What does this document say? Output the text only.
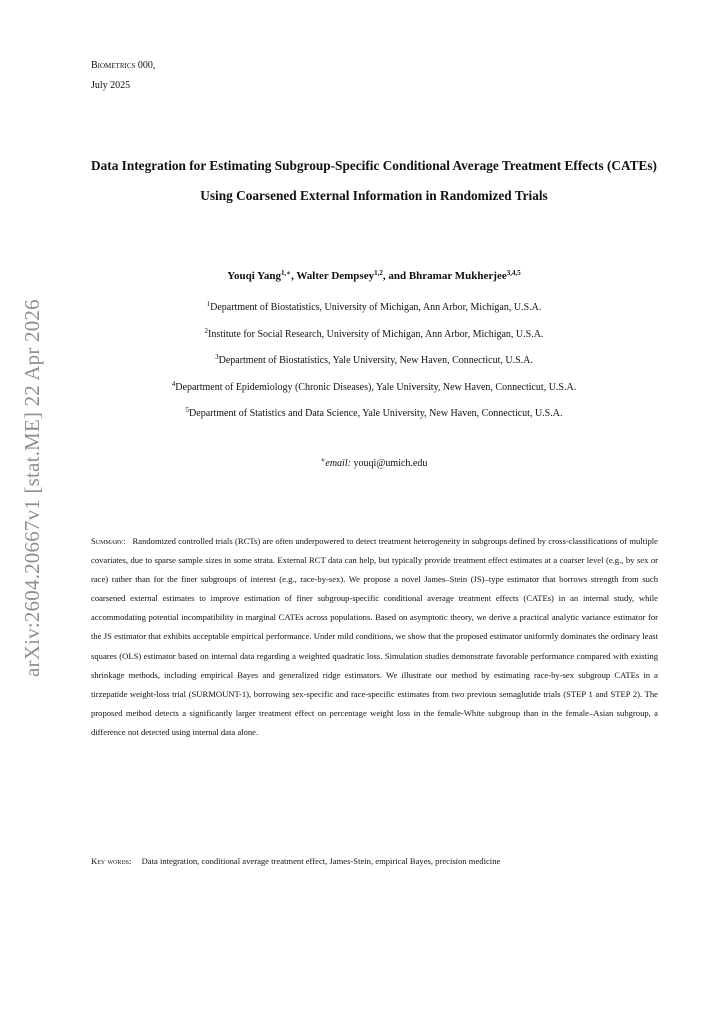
Biometrics 000,
July 2025
arXiv:2604.20667v1 [stat.ME] 22 Apr 2026
Data Integration for Estimating Subgroup-Specific Conditional Average Treatment Effects (CATEs) Using Coarsened External Information in Randomized Trials
Youqi Yang$^{1,∗}$, Walter Dempsey$^{1,2}$, and Bhramar Mukherjee$^{3,4,5}$
$^1$Department of Biostatistics, University of Michigan, Ann Arbor, Michigan, U.S.A.
$^2$Institute for Social Research, University of Michigan, Ann Arbor, Michigan, U.S.A.
$^3$Department of Biostatistics, Yale University, New Haven, Connecticut, U.S.A.
$^4$Department of Epidemiology (Chronic Diseases), Yale University, New Haven, Connecticut, U.S.A.
$^5$Department of Statistics and Data Science, Yale University, New Haven, Connecticut, U.S.A.
∗email: youqi@umich.edu

Summary: Randomized controlled trials (RCTs) are often underpowered to detect treatment heterogeneity in subgroups defined by cross-classifications of multiple covariates, due to sparse sample sizes in some strata. External RCT data can help, but typically provide treatment effect estimates at a coarser level (e.g., by sex or race) rather than for the finer subgroups of interest (e.g., race-by-sex). We propose a novel James–Stein (JS)–type estimator that borrows strength from such coarsened external estimates to improve estimation of finer subgroup-specific conditional average treatment effects (CATEs) in an internal study, while accommodating potential incompatibility in marginal CATEs across populations. Based on asymptotic theory, we derive a practical analytic variance estimator for the JS estimator that exhibits acceptable empirical performance. Under mild conditions, we show that the proposed estimator uniformly dominates the ordinary least squares (OLS) estimator based on internal data regarding a weighted quadratic loss. Simulation studies demonstrate favorable performance compared with existing shrinkage methods, including empirical Bayes and generalized ridge estimators. We illustrate our method by estimating race-by-sex subgroup CATEs in a tirzepatide weight-loss trial (SURMOUNT-1), borrowing sex-specific and race-specific estimates from two previous semaglutide trials (STEP 1 and STEP 2). The proposed method detects a significantly larger treatment effect on percentage weight loss in the female-White subgroup than in the female–Asian subgroup, a difference not detected using internal data alone.

Key words: Data integration, conditional average treatment effect, James-Stein, empirical Bayes, precision medicine
